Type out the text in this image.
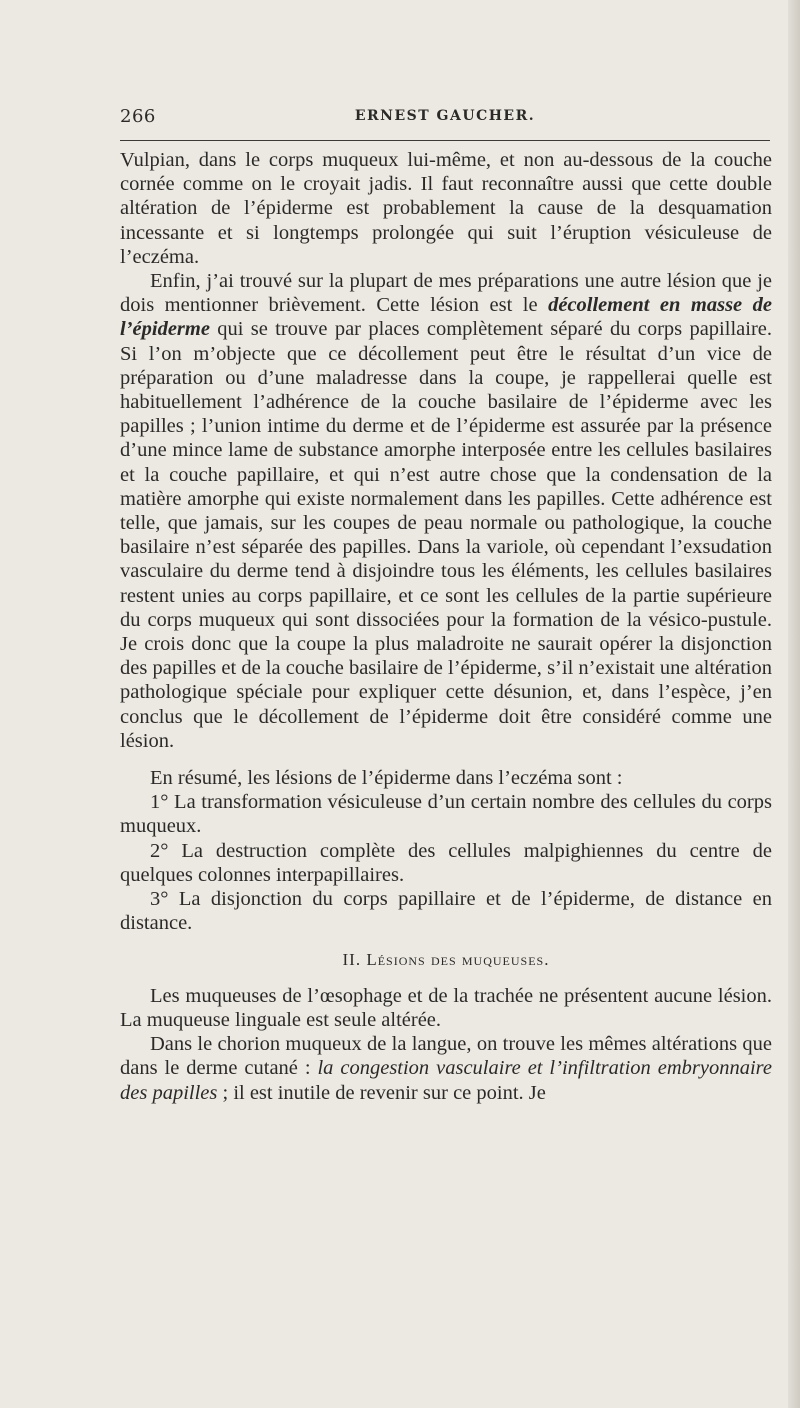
266	ERNEST GAUCHER.

Vulpian, dans le corps muqueux lui-même, et non au-dessous de la couche cornée comme on le croyait jadis. Il faut reconnaître aussi que cette double altération de l’épiderme est probablement la cause de la desquamation incessante et si longtemps prolongée qui suit l’éruption vésiculeuse de l’eczéma.

Enfin, j’ai trouvé sur la plupart de mes préparations une autre lésion que je dois mentionner brièvement. Cette lésion est le décollement en masse de l’épiderme qui se trouve par places complètement séparé du corps papillaire. Si l’on m’objecte que ce décollement peut être le résultat d’un vice de préparation ou d’une maladresse dans la coupe, je rappellerai quelle est habituellement l’adhérence de la couche basilaire de l’épiderme avec les papilles ; l’union intime du derme et de l’épiderme est assurée par la présence d’une mince lame de substance amorphe interposée entre les cellules basilaires et la couche papillaire, et qui n’est autre chose que la condensation de la matière amorphe qui existe normalement dans les papilles. Cette adhérence est telle, que jamais, sur les coupes de peau normale ou pathologique, la couche basilaire n’est séparée des papilles. Dans la variole, où cependant l’exsudation vasculaire du derme tend à disjoindre tous les éléments, les cellules basilaires restent unies au corps papillaire, et ce sont les cellules de la partie supérieure du corps muqueux qui sont dissociées pour la formation de la vésico-pustule. Je crois donc que la coupe la plus maladroite ne saurait opérer la disjonction des papilles et de la couche basilaire de l’épiderme, s’il n’existait une altération pathologique spéciale pour expliquer cette désunion, et, dans l’espèce, j’en conclus que le décollement de l’épiderme doit être considéré comme une lésion.

En résumé, les lésions de l’épiderme dans l’eczéma sont :

1° La transformation vésiculeuse d’un certain nombre des cellules du corps muqueux.

2° La destruction complète des cellules malpighiennes du centre de quelques colonnes interpapillaires.

3° La disjonction du corps papillaire et de l’épiderme, de distance en distance.

II. Lésions des muqueuses.

Les muqueuses de l’œsophage et de la trachée ne présentent aucune lésion. La muqueuse linguale est seule altérée.

Dans le chorion muqueux de la langue, on trouve les mêmes altérations que dans le derme cutané : la congestion vasculaire et l’infiltration embryonnaire des papilles ; il est inutile de revenir sur ce point. Je
